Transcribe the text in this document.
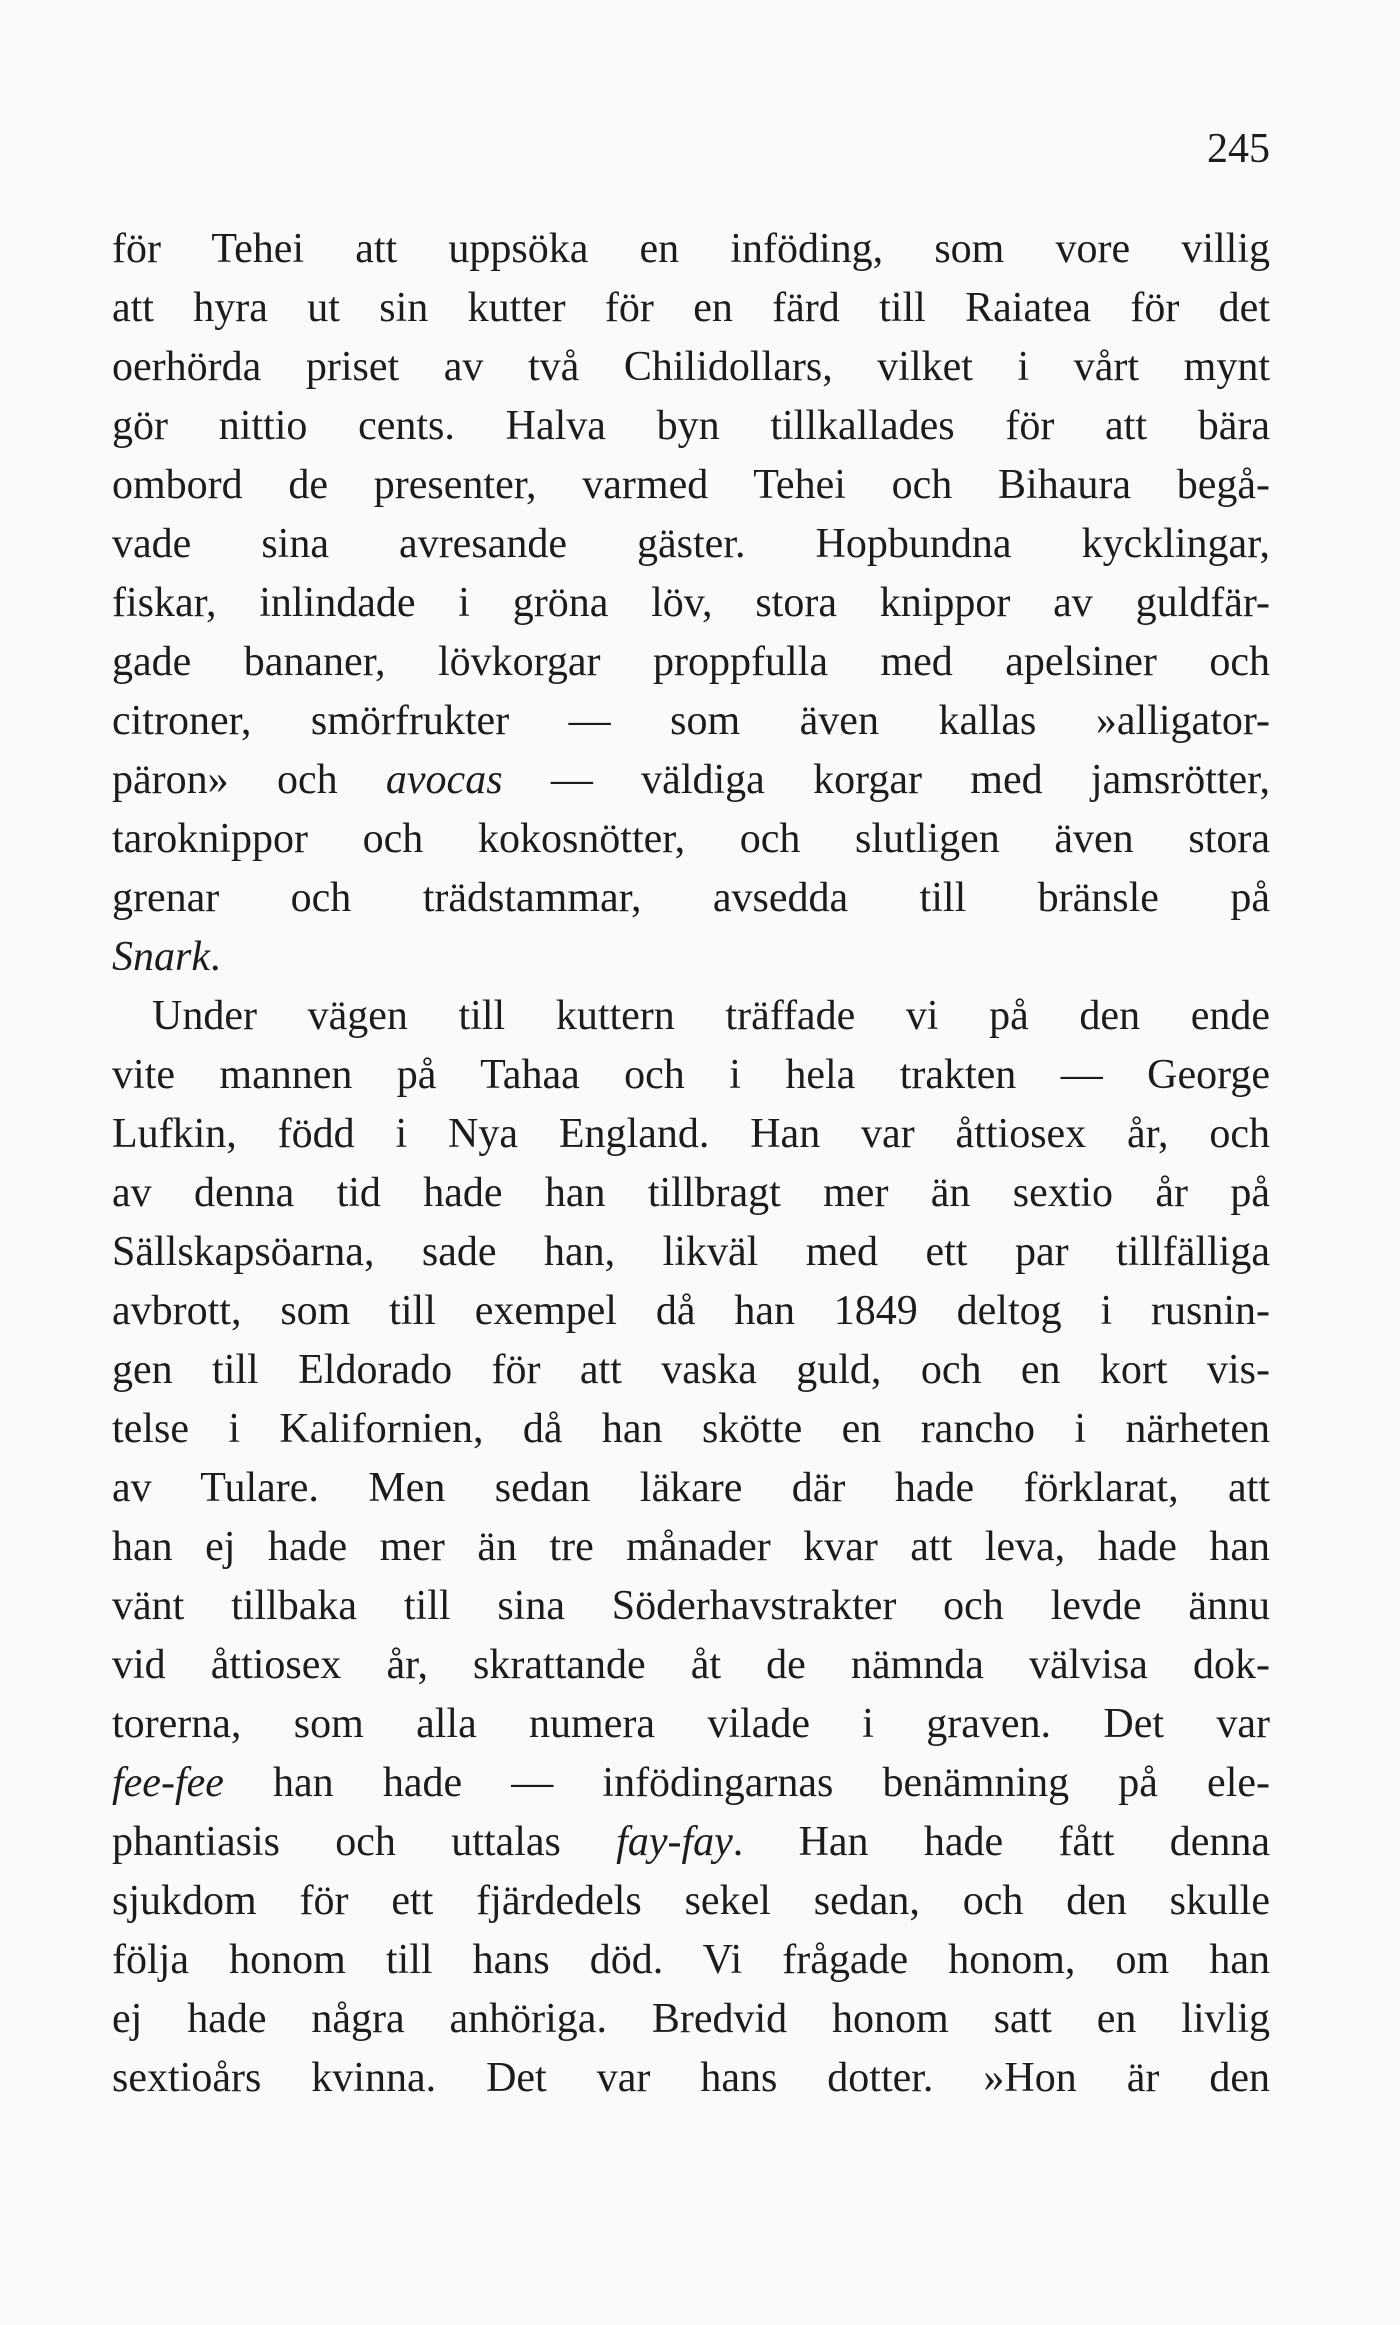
245
för Tehei att uppsöka en inföding, som vore villig
att hyra ut sin kutter för en färd till Raiatea för det
oerhörda priset av två Chilidollars, vilket i vårt mynt
gör nittio cents. Halva byn tillkallades för att bära
ombord de presenter, varmed Tehei och Bihaura begå-
vade sina avresande gäster. Hopbundna kycklingar,
fiskar, inlindade i gröna löv, stora knippor av guldfär-
gade bananer, lövkorgar proppfulla med apelsiner och
citroner, smörfrukter — som även kallas »alligator-
päron» och avocas — väldiga korgar med jamsrötter,
taroknippor och kokosnötter, och slutligen även stora
grenar och trädstammar, avsedda till bränsle på
Snark.
Under vägen till kuttern träffade vi på den ende
vite mannen på Tahaa och i hela trakten — George
Lufkin, född i Nya England. Han var åttiosex år, och
av denna tid hade han tillbragt mer än sextio år på
Sällskapsöarna, sade han, likväl med ett par tillfälliga
avbrott, som till exempel då han 1849 deltog i rusnin-
gen till Eldorado för att vaska guld, och en kort vis-
telse i Kalifornien, då han skötte en rancho i närheten
av Tulare. Men sedan läkare där hade förklarat, att
han ej hade mer än tre månader kvar att leva, hade han
vänt tillbaka till sina Söderhavstrakter och levde ännu
vid åttiosex år, skrattande åt de nämnda välvisa dok-
torerna, som alla numera vilade i graven. Det var
fee-fee han hade — infödingarnas benämning på ele-
phantiasis och uttalas fay-fay. Han hade fått denna
sjukdom för ett fjärdedels sekel sedan, och den skulle
följa honom till hans död. Vi frågade honom, om han
ej hade några anhöriga. Bredvid honom satt en livlig
sextioårs kvinna. Det var hans dotter. »Hon är den
